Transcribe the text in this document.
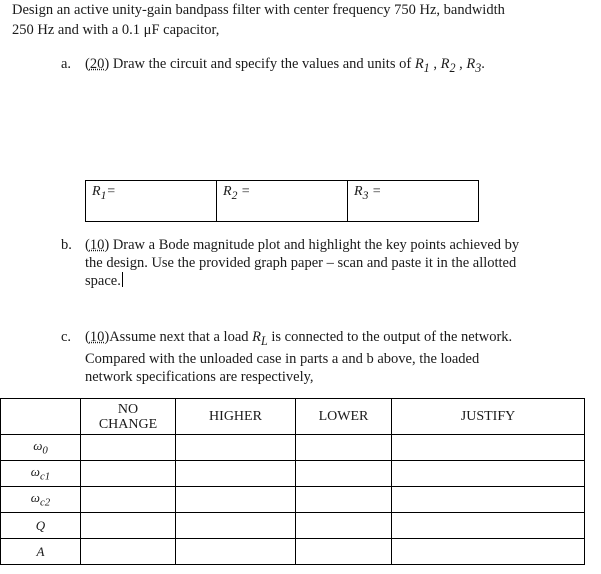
Design an active unity-gain bandpass filter with center frequency 750 Hz, bandwidth
250 Hz and with a 0.1 μF capacitor,
a. (20) Draw the circuit and specify the values and units of $R_1$ , $R_2$ , $R_3$.
$R_1=$	$R_2$ =	$R_3$ =
b. (10) Draw a Bode magnitude plot and highlight the key points achieved by
the design. Use the provided graph paper – scan and paste it in the allotted
space.
c. (10)Assume next that a load $R_L$ is connected to the output of the network.
Compared with the unloaded case in parts a and b above, the loaded
network specifications are respectively,
	NO
CHANGE	HIGHER	LOWER	JUSTIFY
$\omega_0$				
$\omega_{c1}$				
$\omega_{c2}$				
Q				
A				
